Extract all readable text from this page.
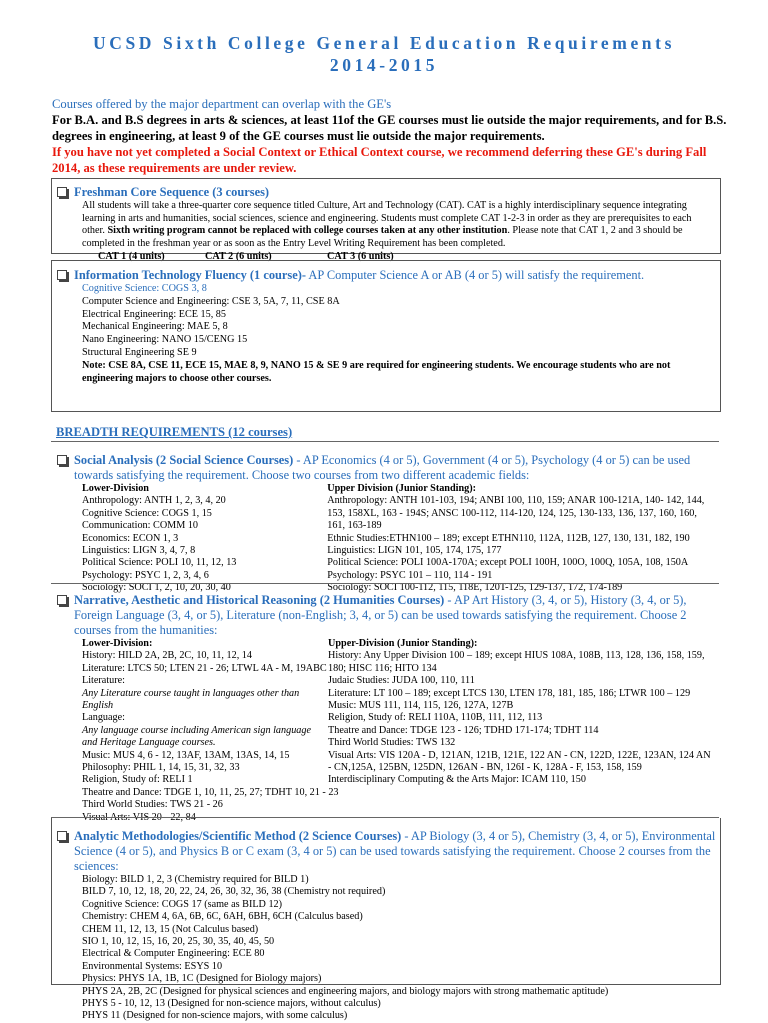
UCSD Sixth College General Education Requirements
2014-2015
Courses offered by the major department can overlap with the GE's
For B.A. and B.S degrees in arts & sciences, at least 11of the GE courses must lie outside the major requirements, and for B.S. degrees in engineering, at least 9 of the GE courses must lie outside the major requirements.
If you have not yet completed a Social Context or Ethical Context course, we recommend deferring these GE's during Fall 2014, as these requirements are under review.
Freshman Core Sequence (3 courses)
All students will take a three-quarter core sequence titled Culture, Art and Technology (CAT). CAT is a highly interdisciplinary sequence integrating learning in arts and humanities, social sciences, science and engineering. Students must complete CAT 1-2-3 in order as they are prerequisites to each other. Sixth writing program cannot be replaced with college courses taken at any other institution. Please note that CAT 1, 2 and 3 should be completed in the freshman year or as soon as the Entry Level Writing Requirement has been completed.
CAT 1 (4 units)	CAT 2 (6 units)	CAT 3 (6 units)
Information Technology Fluency (1 course)- AP Computer Science A or AB (4 or 5) will satisfy the requirement.
Cognitive Science: COGS 3, 8
Computer Science and Engineering: CSE 3, 5A, 7, 11, CSE 8A
Electrical Engineering: ECE 15, 85
Mechanical Engineering: MAE 5, 8
Nano Engineering: NANO 15/CENG 15
Structural Engineering SE 9
Note: CSE 8A, CSE 11, ECE 15, MAE 8, 9, NANO 15 & SE 9 are required for engineering students. We encourage students who are not engineering majors to choose other courses.
BREADTH REQUIREMENTS (12 courses)
Social Analysis (2 Social Science Courses) - AP Economics (4 or 5), Government (4 or 5), Psychology (4 or 5) can be used towards satisfying the requirement. Choose two courses from two different academic fields:
Lower-Division
Anthropology: ANTH 1, 2, 3, 4, 20
Cognitive Science: COGS 1, 15
Communication: COMM 10
Economics: ECON 1, 3
Linguistics: LIGN 3, 4, 7, 8
Political Science: POLI 10, 11, 12, 13
Psychology: PSYC 1, 2, 3, 4, 6
Sociology: SOCI 1, 2, 10, 20, 30, 40
Upper Division (Junior Standing):
Anthropology: ANTH 101-103, 194; ANBI 100, 110, 159; ANAR 100-121A, 140- 142, 144, 153, 158XL, 163 - 194S; ANSC 100-112, 114-120, 124, 125, 130-133, 136, 137, 160, 160, 161, 163-189
Ethnic Studies:ETHN100 – 189; except ETHN110, 112A, 112B, 127, 130, 131, 182, 190
Linguistics: LIGN 101, 105, 174, 175, 177
Political Science: POLI 100A-170A; except POLI 100H, 100O, 100Q, 105A, 108, 150A
Psychology: PSYC 101 – 110, 114 - 191
Sociology: SOCI 100-112, 115, 118E, 120T-125, 129-137, 172, 174-189
Narrative, Aesthetic and Historical Reasoning (2 Humanities Courses) - AP Art History (3, 4, or 5), History (3, 4, or 5), Foreign Language (3, 4, or 5), Literature (non-English; 3, 4, or 5) can be used towards satisfying the requirement. Choose 2 courses from the humanities:
Lower-Division:
History: HILD 2A, 2B, 2C, 10, 11, 12, 14
Literature: LTCS 50; LTEN 21 - 26; LTWL 4A - M, 19ABC
Literature:
Any Literature course taught in languages other than English
Language:
Any language course including American sign language and Heritage Language courses.
Music: MUS 4, 6 - 12, 13AF, 13AM, 13AS, 14, 15
Philosophy: PHIL 1, 14, 15, 31, 32, 33
Religion, Study of: RELI 1
Theatre and Dance: TDGE 1, 10, 11, 25, 27; TDHT 10, 21 - 23
Third World Studies: TWS 21 - 26
Visual Arts: VIS 20 - 22, 84
Upper-Division (Junior Standing):
History: Any Upper Division 100 – 189; except HIUS 108A, 108B, 113, 128, 136, 158, 159, 180; HISC 116; HITO 134
Judaic Studies: JUDA 100, 110, 111
Literature: LT 100 – 189; except LTCS 130, LTEN 178, 181, 185, 186; LTWR 100 – 129
Music: MUS 111, 114, 115, 126, 127A, 127B
Religion, Study of: RELI 110A, 110B, 111, 112, 113
Theatre and Dance: TDGE 123 - 126; TDHD 171-174; TDHT 114
Third World Studies: TWS 132
Visual Arts: VIS 120A - D, 121AN, 121B, 121E, 122 AN - CN, 122D, 122E, 123AN, 124 AN - CN,125A, 125BN, 125DN, 126AN - BN, 126I - K, 128A - F, 153, 158, 159
Interdisciplinary Computing & the Arts Major: ICAM 110, 150
Analytic Methodologies/Scientific Method (2 Science Courses) - AP Biology (3, 4 or 5), Chemistry (3, 4, or 5), Environmental Science (4 or 5), and Physics B or C exam (3, 4 or 5) can be used towards satisfying the requirement. Choose 2 courses from the sciences:
Biology: BILD 1, 2, 3 (Chemistry required for BILD 1)
BILD 7, 10, 12, 18, 20, 22, 24, 26, 30, 32, 36, 38 (Chemistry not required)
Cognitive Science: COGS 17 (same as BILD 12)
Chemistry: CHEM 4, 6A, 6B, 6C, 6AH, 6BH, 6CH (Calculus based)
CHEM 11, 12, 13, 15 (Not Calculus based)
SIO 1, 10, 12, 15, 16, 20, 25, 30, 35, 40, 45, 50
Electrical & Computer Engineering: ECE 80
Environmental Systems: ESYS 10
Physics: PHYS 1A, 1B, 1C (Designed for Biology majors)
PHYS 2A, 2B, 2C (Designed for physical sciences and engineering majors, and biology majors with strong mathematic aptitude)
PHYS 5 - 10, 12, 13 (Designed for non-science majors, without calculus)
PHYS 11 (Designed for non-science majors, with some calculus)
